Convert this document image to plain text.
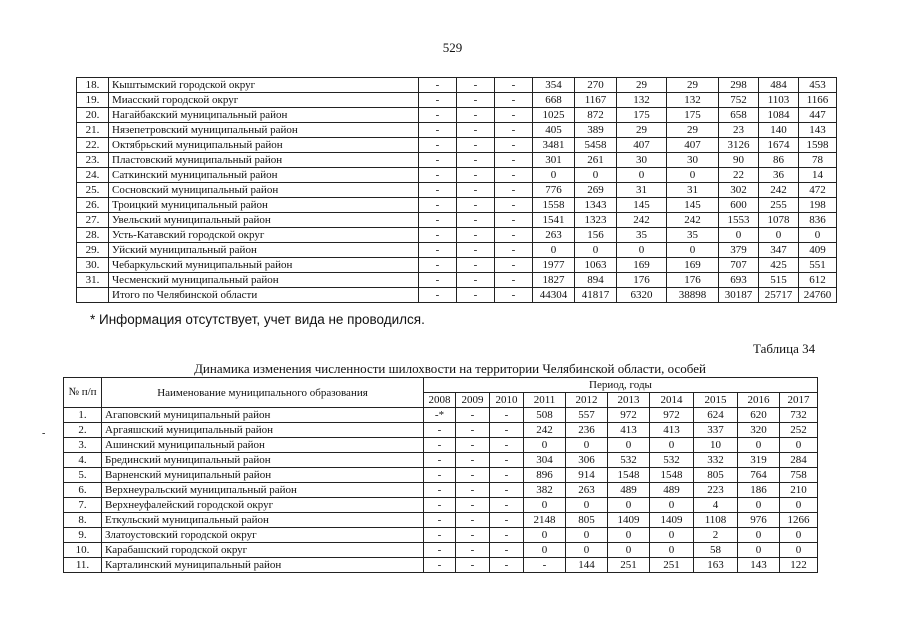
529
18.	Кыштымский городской округ	-	-	-	354	270	29	29	298	484	453
19.	Миасский городской округ	-	-	-	668	1167	132	132	752	1103	1166
20.	Нагайбакский муниципальный район	-	-	-	1025	872	175	175	658	1084	447
21.	Нязепетровский муниципальный район	-	-	-	405	389	29	29	23	140	143
22.	Октябрьский муниципальный район	-	-	-	3481	5458	407	407	3126	1674	1598
23.	Пластовский муниципальный район	-	-	-	301	261	30	30	90	86	78
24.	Саткинский муниципальный район	-	-	-	0	0	0	0	22	36	14
25.	Сосновский муниципальный район	-	-	-	776	269	31	31	302	242	472
26.	Троицкий муниципальный район	-	-	-	1558	1343	145	145	600	255	198
27.	Увельский муниципальный район	-	-	-	1541	1323	242	242	1553	1078	836
28.	Усть-Катавский городской округ	-	-	-	263	156	35	35	0	0	0
29.	Уйский муниципальный район	-	-	-	0	0	0	0	379	347	409
30.	Чебаркульский муниципальный район	-	-	-	1977	1063	169	169	707	425	551
31.	Чесменский муниципальный район	-	-	-	1827	894	176	176	693	515	612
	Итого по Челябинской области	-	-	-	44304	41817	6320	38898	30187	25717	24760
* Информация отсутствует, учет вида не проводился.
Таблица 34
Динамика изменения численности шилохвости на территории Челябинской области, особей
-
№ п/п	Наименование муниципального образования	Период, годы									
		2008	2009	2010	2011	2012	2013	2014	2015	2016	2017
1.	Агаповский муниципальный район	-*	-	-	508	557	972	972	624	620	732
2.	Аргаяшский муниципальный район	-	-	-	242	236	413	413	337	320	252
3.	Ашинский муниципальный район	-	-	-	0	0	0	0	10	0	0
4.	Брединский муниципальный район	-	-	-	304	306	532	532	332	319	284
5.	Варненский муниципальный район	-	-	-	896	914	1548	1548	805	764	758
6.	Верхнеуральский муниципальный район	-	-	-	382	263	489	489	223	186	210
7.	Верхнеуфалейский городской округ	-	-	-	0	0	0	0	4	0	0
8.	Еткульский муниципальный район	-	-	-	2148	805	1409	1409	1108	976	1266
9.	Златоустовский городской округ	-	-	-	0	0	0	0	2	0	0
10.	Карабашский городской округ	-	-	-	0	0	0	0	58	0	0
11.	Карталинский муниципальный район	-	-	-	-	144	251	251	163	143	122
